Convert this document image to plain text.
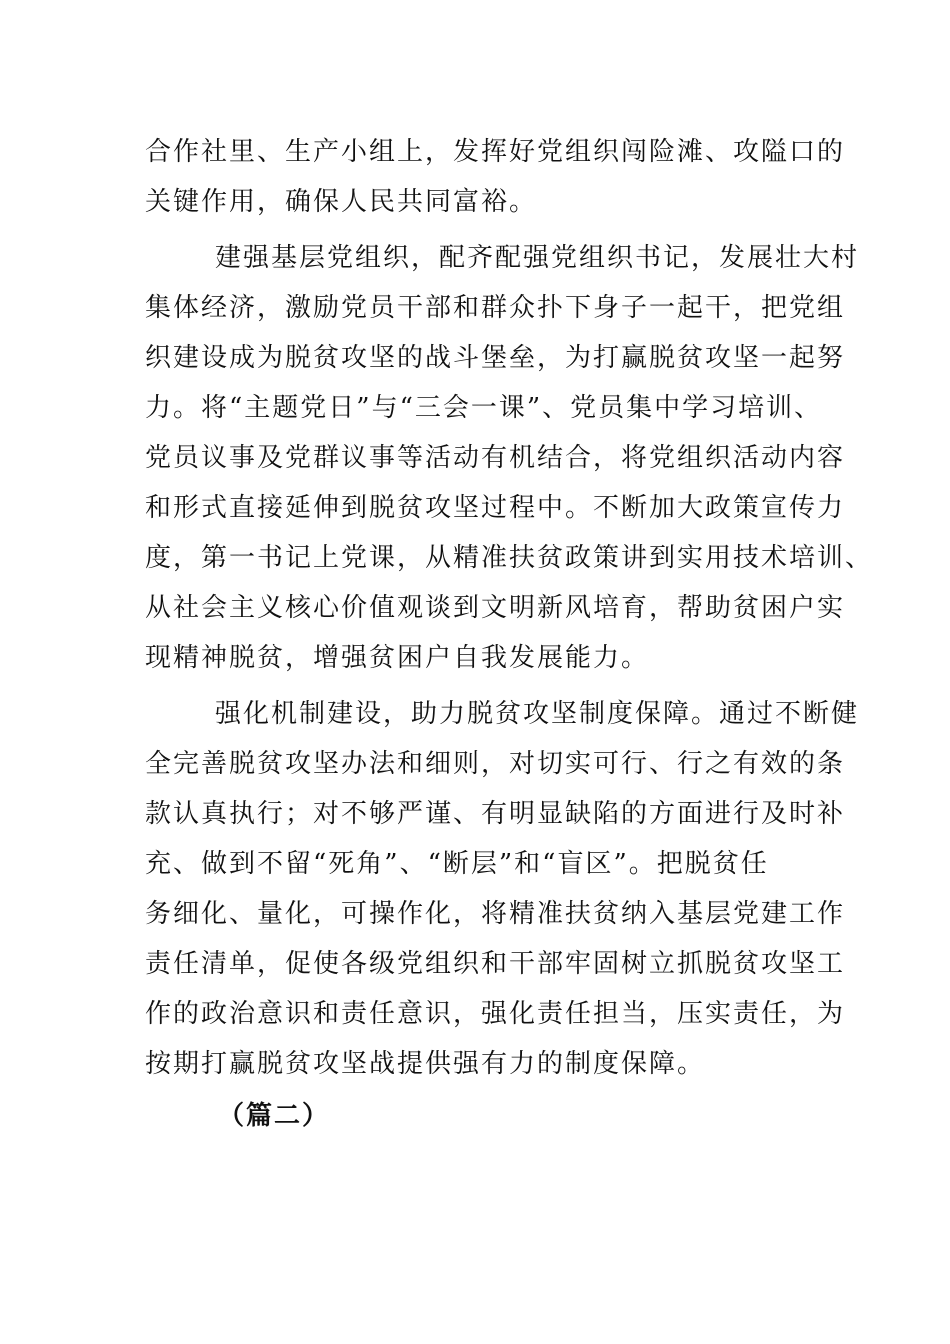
合作社里、生产小组上，发挥好党组织闯险滩、攻隘口的
关键作用，确保人民共同富裕。
建强基层党组织，配齐配强党组织书记，发展壮大村
集体经济，激励党员干部和群众扑下身子一起干，把党组
织建设成为脱贫攻坚的战斗堡垒，为打赢脱贫攻坚一起努
力。将“主题党日”与“三会一课”、党员集中学习培训、
党员议事及党群议事等活动有机结合，将党组织活动内容
和形式直接延伸到脱贫攻坚过程中。不断加大政策宣传力
度，第一书记上党课，从精准扶贫政策讲到实用技术培训、
从社会主义核心价值观谈到文明新风培育，帮助贫困户实
现精神脱贫，增强贫困户自我发展能力。
强化机制建设，助力脱贫攻坚制度保障。通过不断健
全完善脱贫攻坚办法和细则，对切实可行、行之有效的条
款认真执行；对不够严谨、有明显缺陷的方面进行及时补
充、做到不留“死角”、“断层”和“盲区”。把脱贫任
务细化、量化，可操作化，将精准扶贫纳入基层党建工作
责任清单，促使各级党组织和干部牢固树立抓脱贫攻坚工
作的政治意识和责任意识，强化责任担当，压实责任，为
按期打赢脱贫攻坚战提供强有力的制度保障。
（篇二）
